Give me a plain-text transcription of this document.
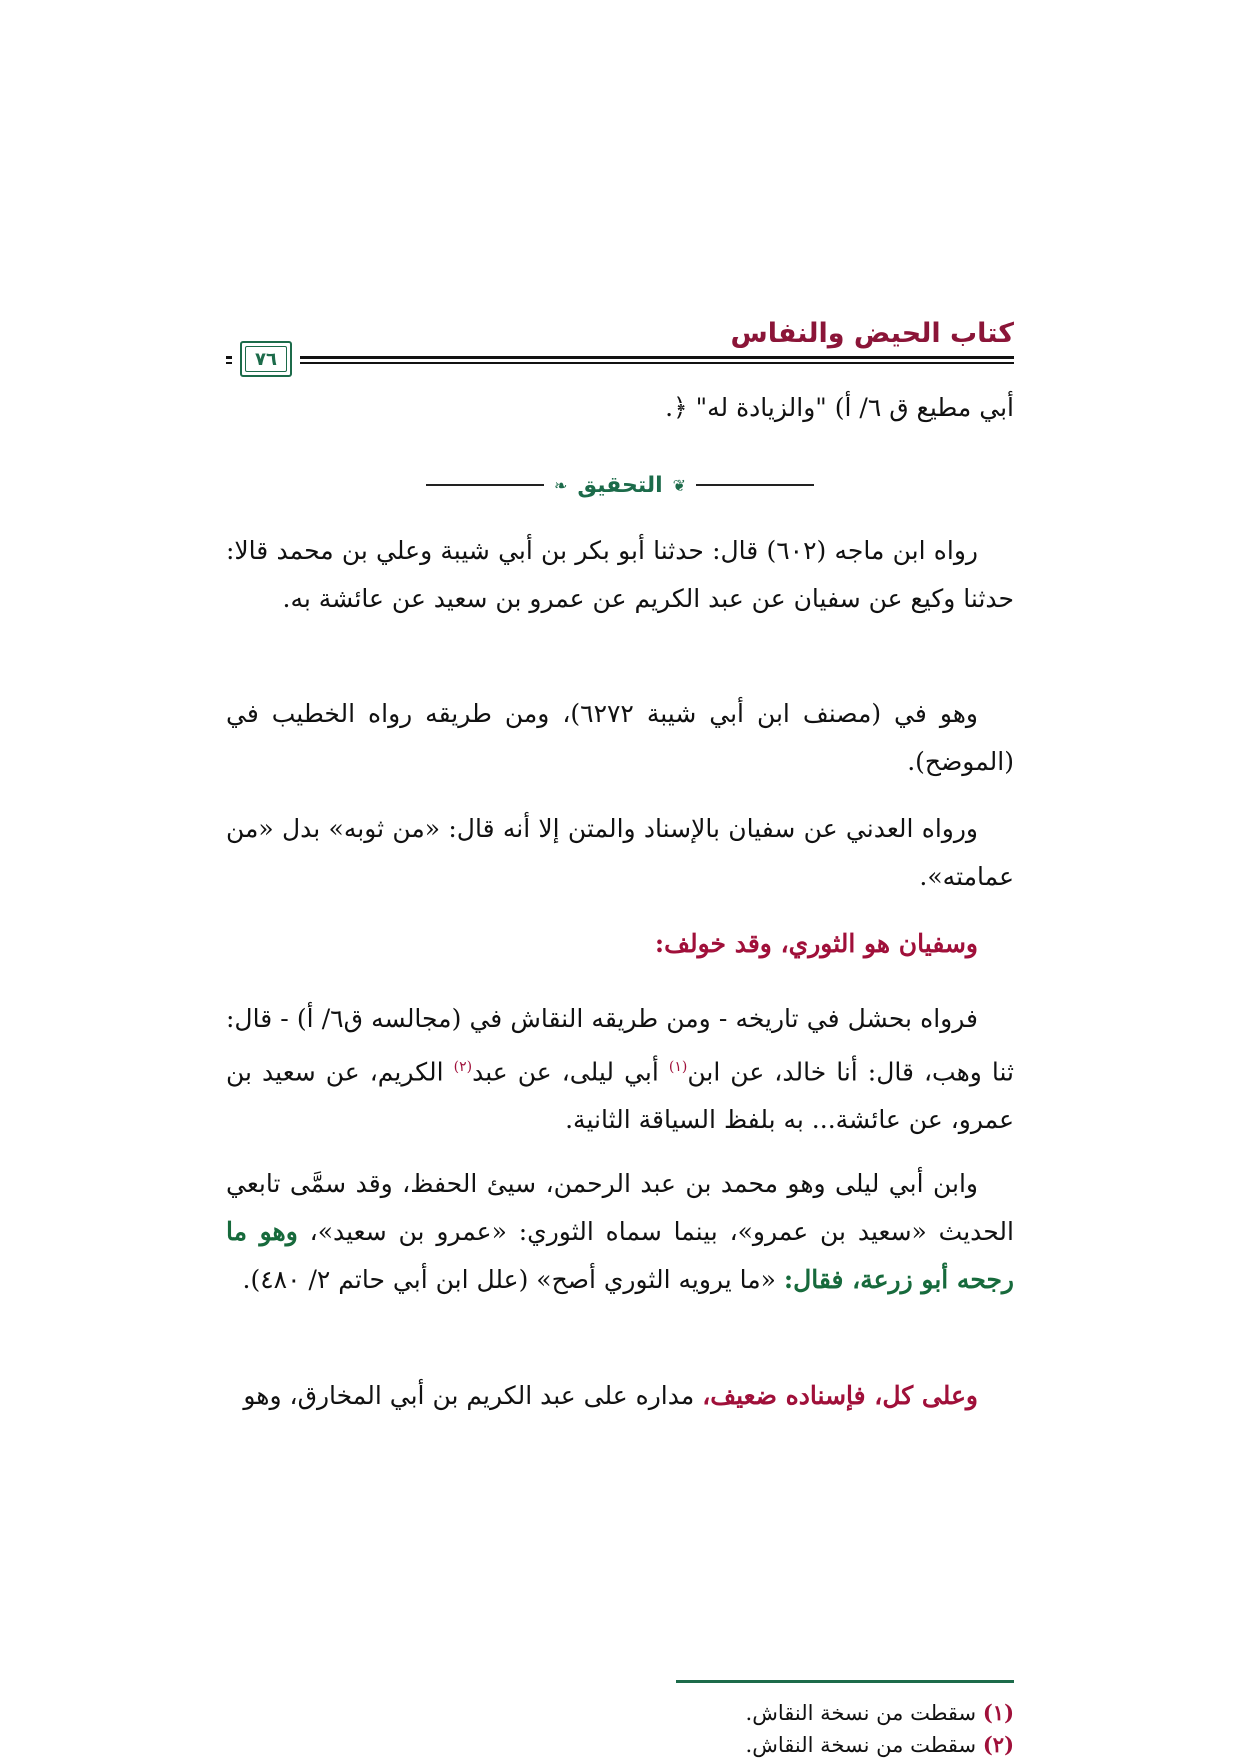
كتاب الحيض والنفاس
٧٦
أبي مطيع ق ٦/ أ) "والزيادة له" ﴿.
❦
التحقيق
❧
رواه ابن ماجه (٦٠٢) قال: حدثنا أبو بكر بن أبي شيبة وعلي بن محمد قالا: حدثنا وكيع عن سفيان عن عبد الكريم عن عمرو بن سعيد عن عائشة به.
وهو في (مصنف ابن أبي شيبة ٦٢٧٢)، ومن طريقه رواه الخطيب في (الموضح).
ورواه العدني عن سفيان بالإسناد والمتن إلا أنه قال: «من ثوبه» بدل «من عمامته».
وسفيان هو الثوري، وقد خولف:
فرواه بحشل في تاريخه - ومن طريقه النقاش في (مجالسه ق٦/ أ) - قال: ثنا وهب، قال: أنا خالد، عن ابن$^{(١)}$ أبي ليلى، عن عبد$^{(٢)}$ الكريم، عن سعيد بن عمرو، عن عائشة... به بلفظ السياقة الثانية.
وابن أبي ليلى وهو محمد بن عبد الرحمن، سيئ الحفظ، وقد سمَّى تابعي الحديث «سعيد بن عمرو»، بينما سماه الثوري: «عمرو بن سعيد»، وهو ما رجحه أبو زرعة، فقال: «ما يرويه الثوري أصح» (علل ابن أبي حاتم ٢/ ٤٨٠).
وعلى كل، فإسناده ضعيف، مداره على عبد الكريم بن أبي المخارق، وهو
(١) سقطت من نسخة النقاش.
(٢) سقطت من نسخة النقاش.
